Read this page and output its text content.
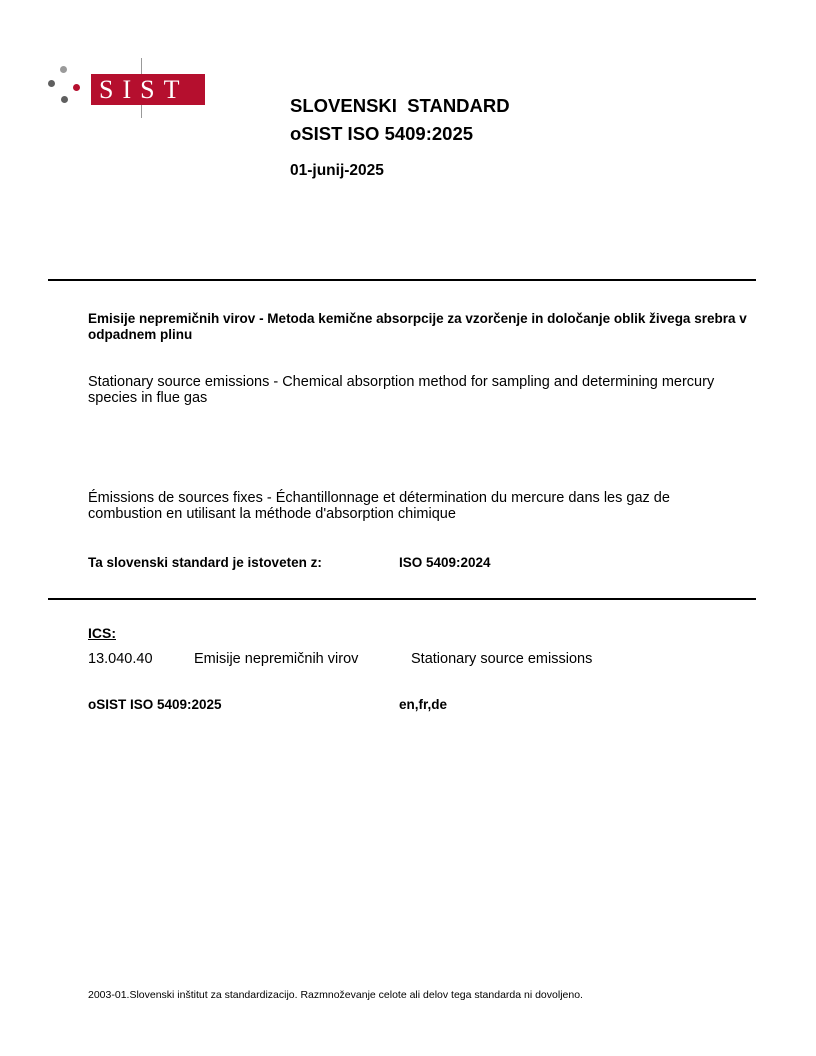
SIST
SLOVENSKI  STANDARD
oSIST ISO 5409:2025
01-junij-2025
Emisije nepremičnih virov - Metoda kemične absorpcije za vzorčenje in določanje oblik živega srebra v odpadnem plinu
Stationary source emissions - Chemical absorption method for sampling and determining mercury species in flue gas
Émissions de sources fixes - Échantillonnage et détermination du mercure dans les gaz de combustion en utilisant la méthode d'absorption chimique
Ta slovenski standard je istoveten z:	ISO 5409:2024
ICS:
13.040.40	Emisije nepremičnih virov	Stationary source emissions
oSIST ISO 5409:2025	en,fr,de
2003-01.Slovenski inštitut za standardizacijo. Razmnoževanje celote ali delov tega standarda ni dovoljeno.
